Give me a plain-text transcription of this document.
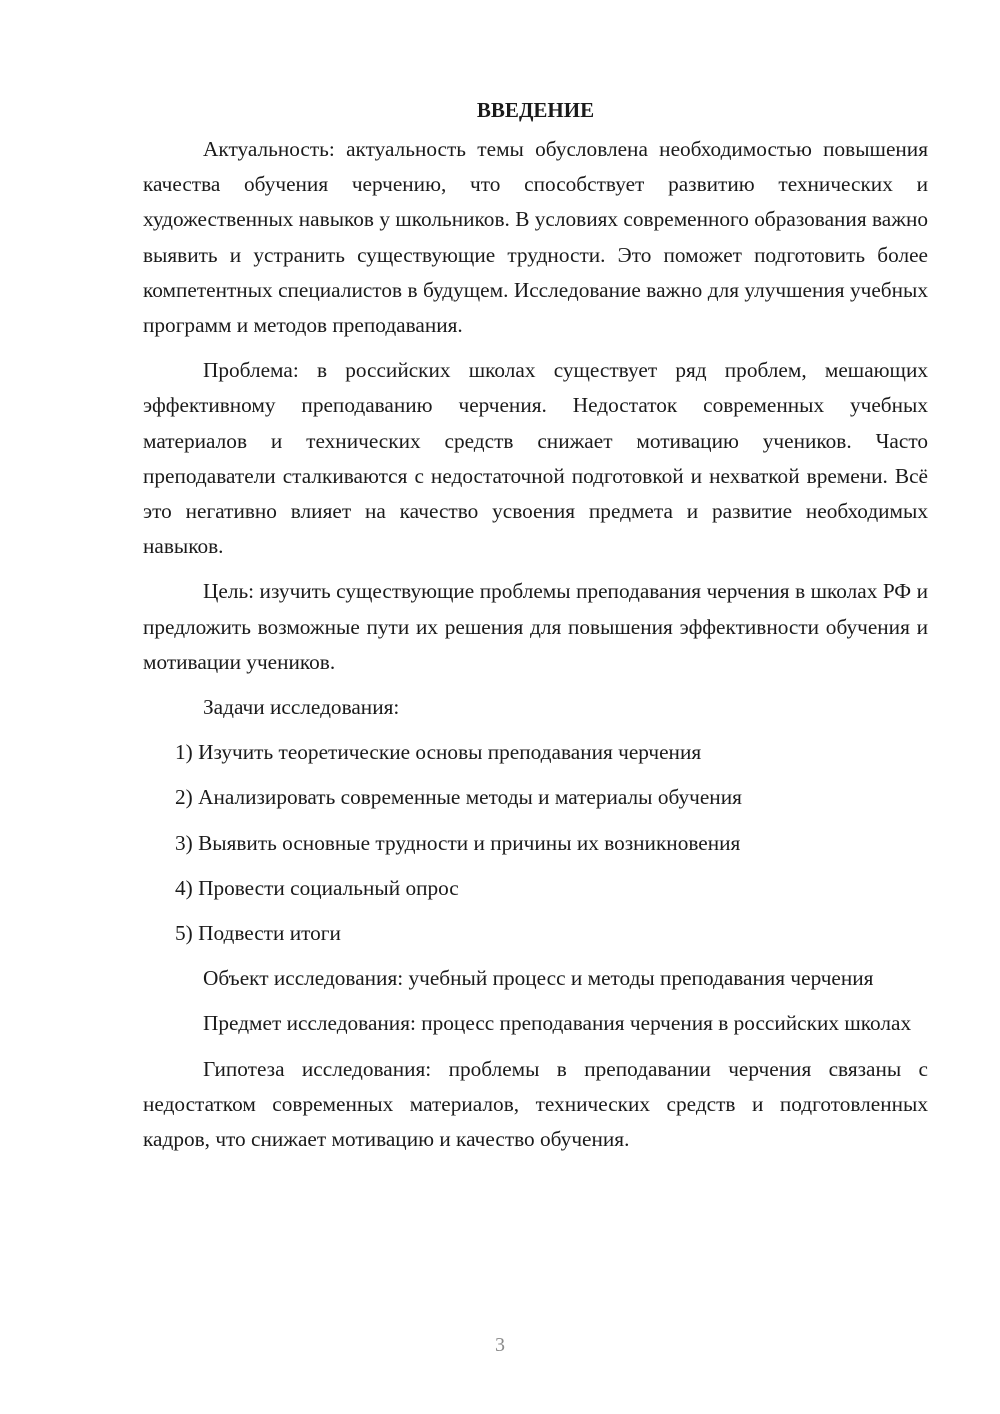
ВВЕДЕНИЕ

Актуальность: актуальность темы обусловлена необходимостью повышения качества обучения черчению, что способствует развитию технических и художественных навыков у школьников. В условиях современного образования важно выявить и устранить существующие трудности. Это поможет подготовить более компетентных специалистов в будущем. Исследование важно для улучшения учебных программ и методов преподавания.

Проблема: в российских школах существует ряд проблем, мешающих эффективному преподаванию черчения. Недостаток современных учебных материалов и технических средств снижает мотивацию учеников. Часто преподаватели сталкиваются с недостаточной подготовкой и нехваткой времени. Всё это негативно влияет на качество усвоения предмета и развитие необходимых навыков.

Цель: изучить существующие проблемы преподавания черчения в школах РФ и предложить возможные пути их решения для повышения эффективности обучения и мотивации учеников.

Задачи исследования:

1) Изучить теоретические основы преподавания черчения

2) Анализировать современные методы и материалы обучения

3) Выявить основные трудности и причины их возникновения

4) Провести социальный опрос

5) Подвести итоги

Объект исследования: учебный процесс и методы преподавания черчения

Предмет исследования: процесс преподавания черчения в российских школах

Гипотеза исследования: проблемы в преподавании черчения связаны с недостатком современных материалов, технических средств и подготовленных кадров, что снижает мотивацию и качество обучения.

3
